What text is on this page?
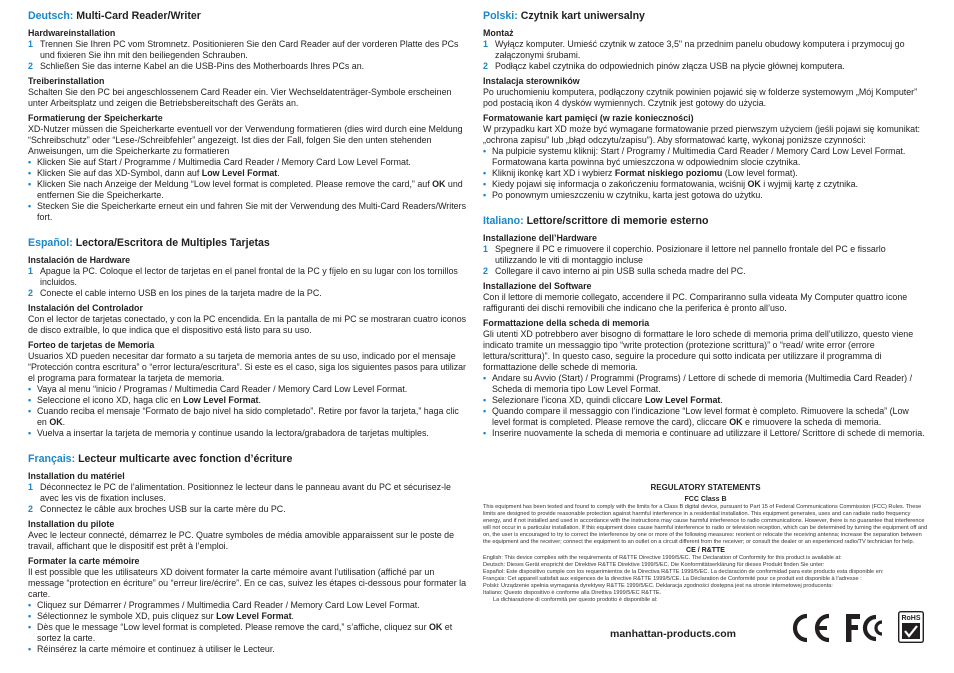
Deutsch: Multi-Card Reader/Writer
Hardwareinstallation
1 Trennen Sie Ihren PC vom Stromnetz. Positionieren Sie den Card Reader auf der vorderen Platte des PCs und fixieren Sie ihn mit den beiliegenden Schrauben.
2 Schließen Sie das interne Kabel an die USB-Pins des Motherboards Ihres PCs an.
Treiberinstallation
Schalten Sie den PC bei angeschlossenem Card Reader ein. Vier Wechseldatenträger-Symbole erscheinen unter Arbeitsplatz und zeigen die Betriebsbereitschaft des Geräts an.
Formatierung der Speicherkarte
XD-Nutzer müssen die Speicherkarte eventuell vor der Verwendung formatieren (dies wird durch eine Meldung “Schreibschutz” oder “Lese-/Schreibfehler” angezeigt. Ist dies der Fall, folgen Sie den unten stehenden Anweisungen, um die Speicherkarte zu formatieren
• Klicken Sie auf Start / Programme / Multimedia Card Reader / Memory Card Low Level Format.
• Klicken Sie auf das XD-Symbol, dann auf Low Level Format.
• Klicken Sie nach Anzeige der Meldung “Low level format is completed. Please remove the card,” auf OK und entfernen Sie die Speicherkarte.
• Stecken Sie die Speicherkarte erneut ein und fahren Sie mit der Verwendung des Multi-Card Readers/Writers fort.
Español: Lectora/Escritora de Multiples Tarjetas
Instalación de Hardware
1 Apague la PC. Coloque el lector de tarjetas en el panel frontal de la PC y fíjelo en su lugar con los tornillos incluidos.
2 Conecte el cable interno USB en los pines de la tarjeta madre de la PC.
Instalación del Controlador
Con el lector de tarjetas conectado, y con la PC encendida. En la pantalla de mi PC se mostraran cuatro iconos de disco extraíble, lo que indica que el dispositivo está listo para su uso.
Forteo de tarjetas de Memoria
Usuarios XD pueden necesitar dar formato a su tarjeta de memoria antes de su uso, indicado por el mensaje “Protección contra escritura” o “error lectura/escritura”. Si este es el caso, siga los siguientes pasos para utilizar el programa para formatear la tarjeta de memoria.
• Vaya al menu “inicio / Programas / Multimedia Card Reader / Memory Card Low Level Format.
• Seleccione el icono XD, haga clic en Low Level Format.
• Cuando reciba el mensaje “Formato de bajo nivel ha sido completado”. Retire por favor la tarjeta,” haga clic en OK.
• Vuelva a insertar la tarjeta de memoria y continue usando la lectora/grabadora de tarjetas multiples.
Français: Lecteur multicarte avec fonction d’écriture
Installation du matériel
1 Déconnectez le PC de l’alimentation. Positionnez le lecteur dans le panneau avant du PC et sécurisez-le avec les vis de fixation incluses.
2 Connectez le câble aux broches USB sur la carte mère du PC.
Installation du pilote
Avec le lecteur connecté, démarrez le PC. Quatre symboles de média amovible apparaissent sur le poste de travail, affichant que le dispositif est prêt à l’emploi.
Formater la carte mémoire
Il est possible que les utilisateurs XD doivent formater la carte mémoire avant l’utilisation (affiché par un message “protection en écriture” ou “erreur lire/écrire”. En ce cas, suivez les étapes ci-dessous pour formater la carte.
• Cliquez sur Démarrer / Programmes / Multimedia Card Reader / Memory Card Low Level Format.
• Sélectionnez le symbole XD, puis cliquez sur Low Level Format.
• Dès que le message “Low level format is completed. Please remove the card,” s’affiche, cliquez sur OK et sortez la carte.
• Réinsérez la carte mémoire et continuez à utiliser le Lecteur.
Polski: Czytnik kart uniwersalny
Montaż
1 Wyłącz komputer. Umieść czytnik w zatoce 3,5" na przednim panelu obudowy komputera i przymocuj go załączonymi śrubami.
2 Podłącz kabel czytnika do odpowiednich pinów złącza USB na płycie głównej komputera.
Instalacja sterowników
Po uruchomieniu komputera, podłączony czytnik powinien pojawić się w folderze systemowym „Mój Komputer” pod postacią ikon 4 dysków wymiennych. Czytnik jest gotowy do użycia.
Formatowanie kart pamięci (w razie konieczności)
W przypadku kart XD może być wymagane formatowanie przed pierwszym użyciem (jeśli pojawi się komunikat: „ochrona zapisu” lub „błąd odczytu/zapisu”). Aby sformatować kartę, wykonaj poniższe czynności:
• Na pulpicie systemu kliknij: Start / Programy / Multimedia Card Reader / Memory Card Low Level Format. Formatowana karta powinna być umieszczona w odpowiednim slocie czytnika.
• Kliknij ikonkę kart XD i wybierz Format niskiego poziomu (Low level format).
• Kiedy pojawi się informacja o zakończeniu formatowania, wciśnij OK i wyjmij kartę z czytnika.
• Po ponownym umieszczeniu w czytniku, karta jest gotowa do użytku.
Italiano: Lettore/scrittore di memorie esterno
Installazione dell’Hardware
1 Spegnere il PC e rimuovere il coperchio. Posizionare il lettore nel pannello frontale del PC e fissarlo utilizzando le viti di montaggio incluse
2 Collegare il cavo interno ai pin USB sulla scheda madre del PC.
Installazione del Software
Con il lettore di memorie collegato, accendere il PC. Compariranno sulla videata My Computer quattro icone raffiguranti dei dischi removibili che indicano che la periferica è pronto all’uso.
Formattazione della scheda di memoria
Gli utenti XD potrebbero aver bisogno di formattare le loro schede di memoria prima dell’utilizzo, questo viene indicato tramite un messaggio tipo “write protection (protezione scrittura)” o “read/ write error (errore lettura/scrittura)”. In questo caso, seguire la procedure qui sotto indicata per utilizzare il programma di formattazione delle schede di memoria.
• Andare su Avvio (Start) / Programmi (Programs) / Lettore di schede di memoria (Multimedia Card Reader) / Scheda di memoria tipo Low Level Format.
• Selezionare l’icona XD, quindi cliccare Low Level Format.
• Quando compare il messaggio con l’indicazione “Low level format è completo. Rimuovere la scheda” (Low level format is completed. Please remove the card), cliccare OK e rimuovere la scheda di memoria.
• Inserire nuovamente la scheda di memoria e continuare ad utilizzare il Lettore/ Scrittore di schede di memoria.
REGULATORY STATEMENTS
FCC Class B
This equipment has been tested and found to comply with the limits for a Class B digital device, pursuant to Part 15 of Federal Communications Commission (FCC) Rules. These limits are designed to provide reasonable protection against harmful interference in a residential installation. This equipment generates, uses and can radiate radio frequency energy, and if not installed and used in accordance with the instructions may cause harmful interference to radio communications. However, there is no guarantee that interference will not occur in a particular installation. If this equipment does cause harmful interference to radio or television reception, which can be determined by turning the equipment off and on, the user is encouraged to try to correct the interference by one or more of the following measures: reorient or relocate the receiving antenna; increase the separation between the equipment and the receiver; connect the equipment to an outlet on a circuit different from the receiver; or consult the dealer or an experienced radio/TV technician for help.
CE / R&TTE
English: This device complies with the requirements of R&TTE Directive 1999/5/EC. The Declaration of Conformity for this product is available at:
Deutsch: Dieses Gerät enspricht der Direktive R&TTE Direktive 1999/5/EC. Die Konformitätserklärung für dieses Produkt finden Sie unter:
Español: Este dispositivo cumple con los requerimientos de la Directiva R&TTE 1999/5/EC. La declaración de conformidad para este producto esta disponible en:
Français: Cet appareil satisfait aux exigences de la directive R&TTE 1999/5/CE. La Déclaration de Conformité pour ce produit est disponible à l’adresse :
Polski: Urządzenie spełnia wymagania dyrektywy R&TTE 1999/5/EC. Deklaracja zgodności dostępna jest na stronie internetowej producenta:
Italiano: Questo dispositivo è conforme alla Direttiva 1999/5/EC R&TTE.
La dichiarazione di conformità per questo prodotto è disponibile al:
manhattan-products.com
RoHS
